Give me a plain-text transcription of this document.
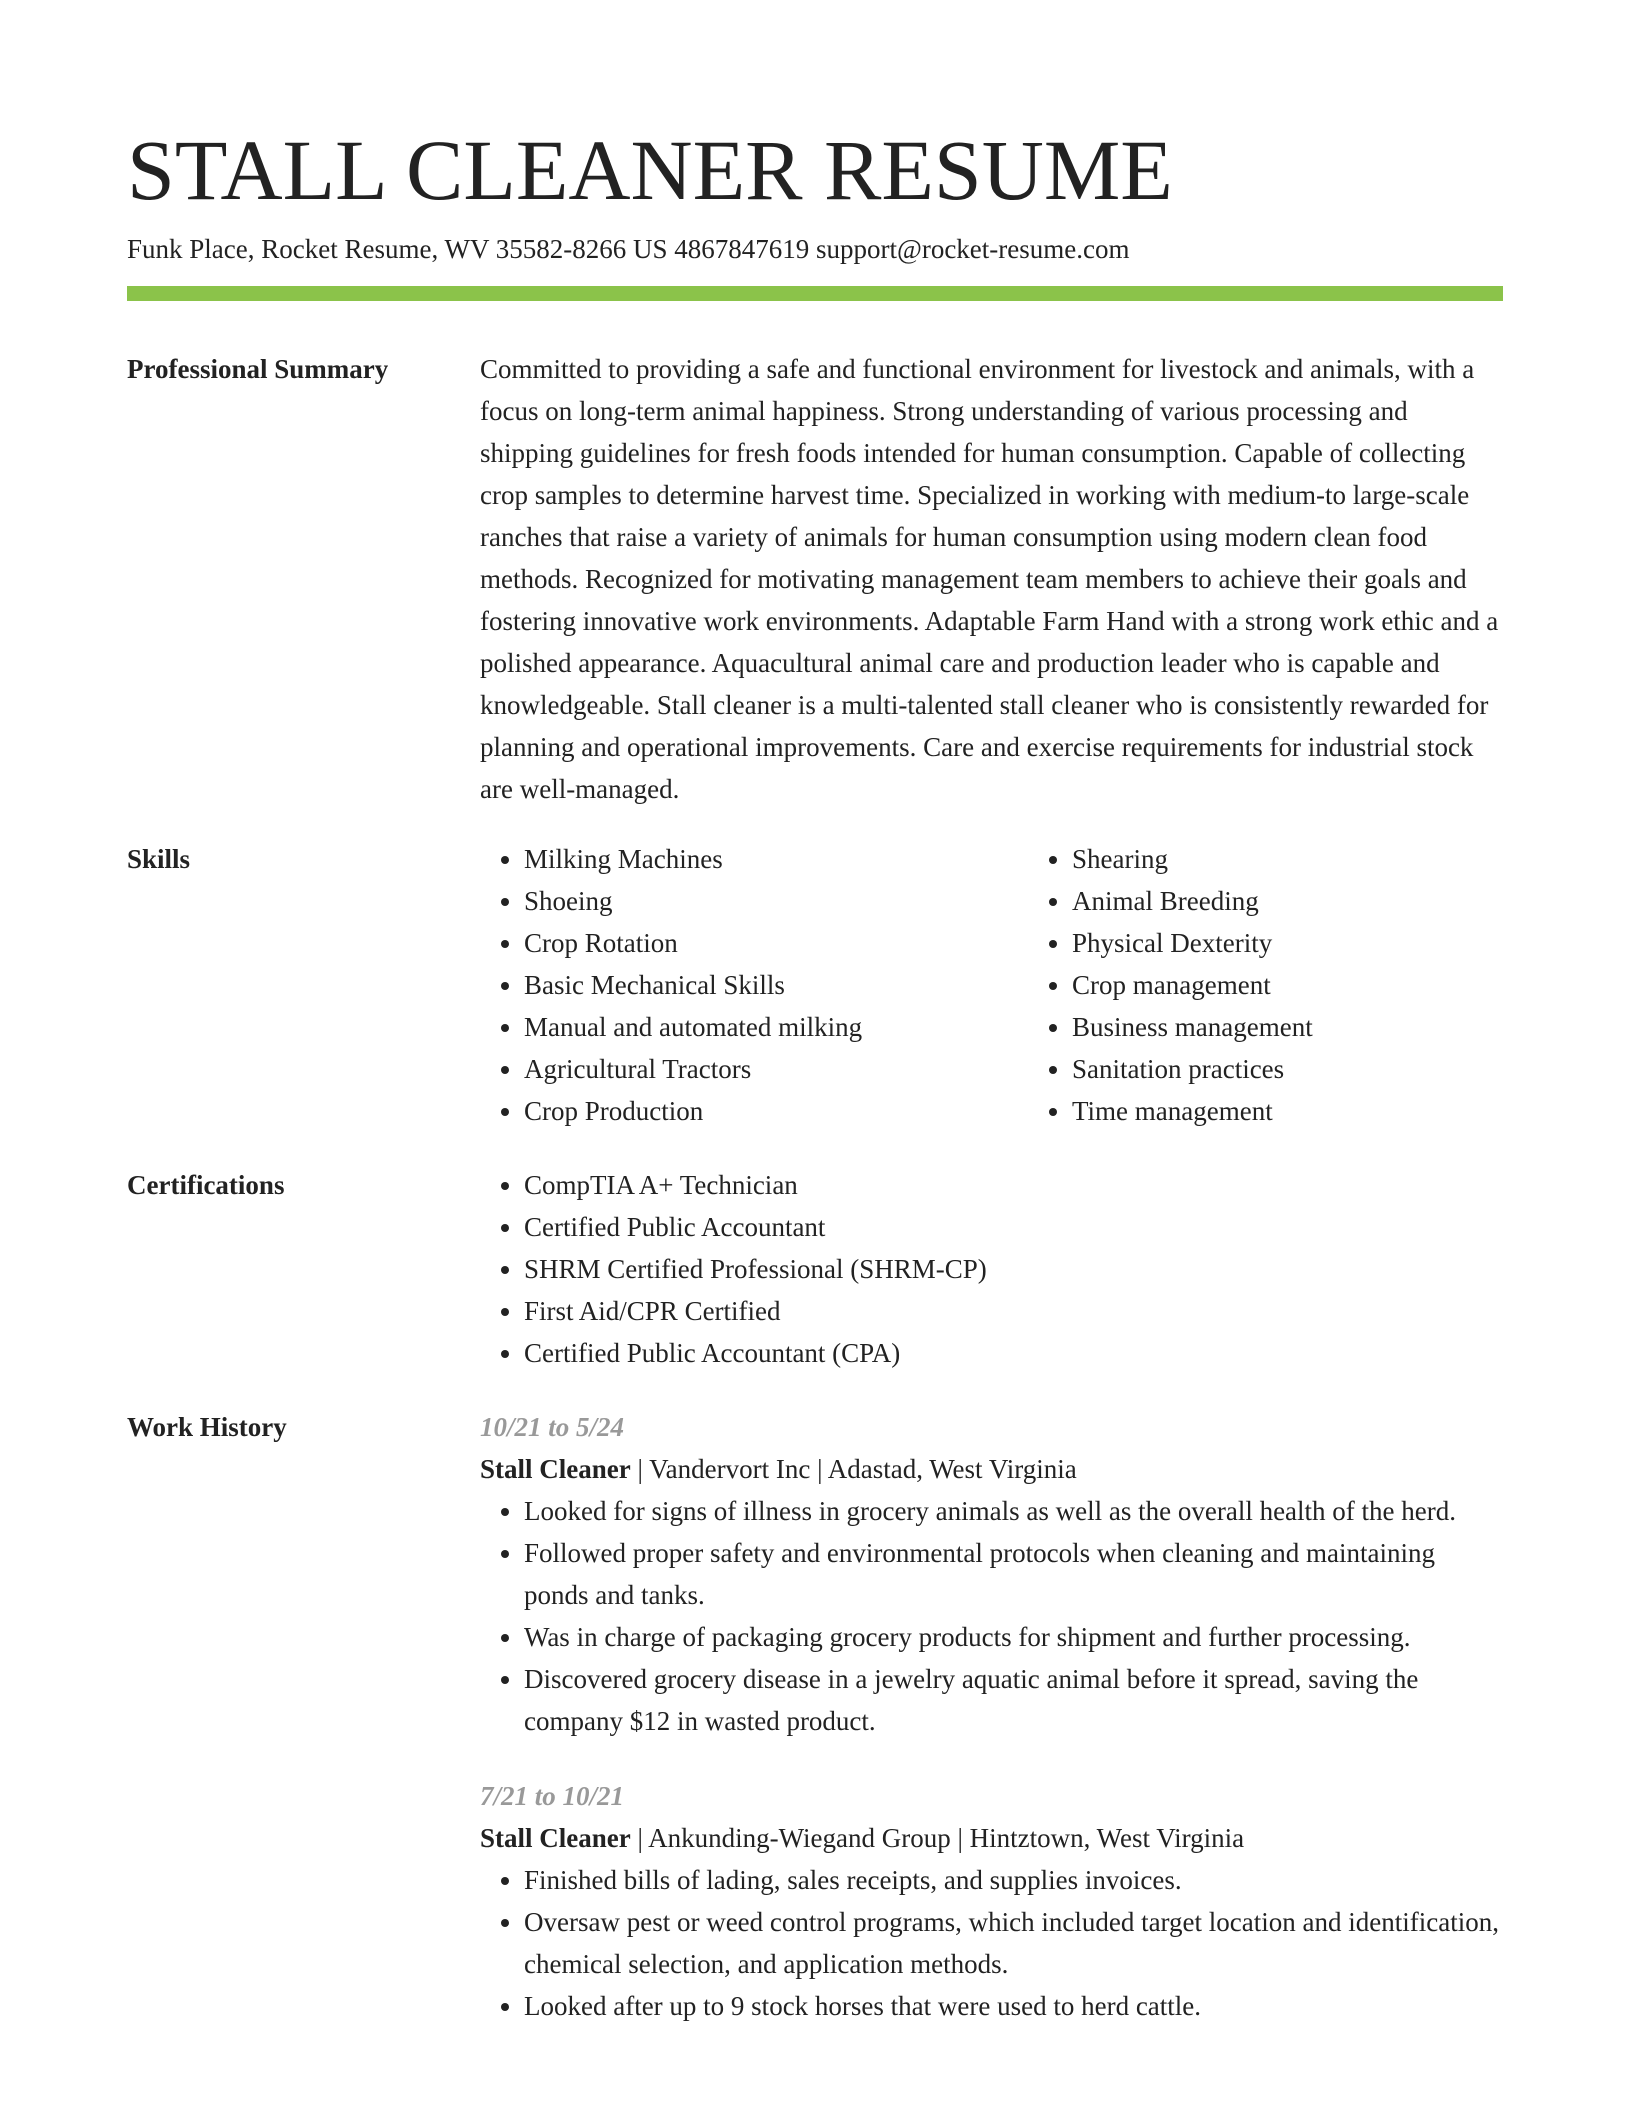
STALL CLEANER RESUME
Funk Place, Rocket Resume, WV 35582-8266 US 4867847619 support@rocket-resume.com
Professional Summary	Committed to providing a safe and functional environment for livestock and animals, with a focus on long-term animal happiness. Strong understanding of various processing and shipping guidelines for fresh foods intended for human consumption. Capable of collecting crop samples to determine harvest time. Specialized in working with medium-to large-scale ranches that raise a variety of animals for human consumption using modern clean food methods. Recognized for motivating management team members to achieve their goals and fostering innovative work environments. Adaptable Farm Hand with a strong work ethic and a polished appearance. Aquacultural animal care and production leader who is capable and knowledgeable. Stall cleaner is a multi-talented stall cleaner who is consistently rewarded for planning and operational improvements. Care and exercise requirements for industrial stock are well-managed.

Skills	• Milking Machines
• Shoeing
• Crop Rotation
• Basic Mechanical Skills
• Manual and automated milking
• Agricultural Tractors
• Crop Production
• Shearing
• Animal Breeding
• Physical Dexterity
• Crop management
• Business management
• Sanitation practices
• Time management
Certifications	• CompTIA A+ Technician
• Certified Public Accountant
• SHRM Certified Professional (SHRM-CP)
• First Aid/CPR Certified
• Certified Public Accountant (CPA)
Work History	10/21 to 5/24
Stall Cleaner | Vandervort Inc | Adastad, West Virginia
• Looked for signs of illness in grocery animals as well as the overall health of the herd.
• Followed proper safety and environmental protocols when cleaning and maintaining ponds and tanks.
• Was in charge of packaging grocery products for shipment and further processing.
• Discovered grocery disease in a jewelry aquatic animal before it spread, saving the company $12 in wasted product.
7/21 to 10/21
Stall Cleaner | Ankunding-Wiegand Group | Hintztown, West Virginia
• Finished bills of lading, sales receipts, and supplies invoices.
• Oversaw pest or weed control programs, which included target location and identification, chemical selection, and application methods.
• Looked after up to 9 stock horses that were used to herd cattle.
